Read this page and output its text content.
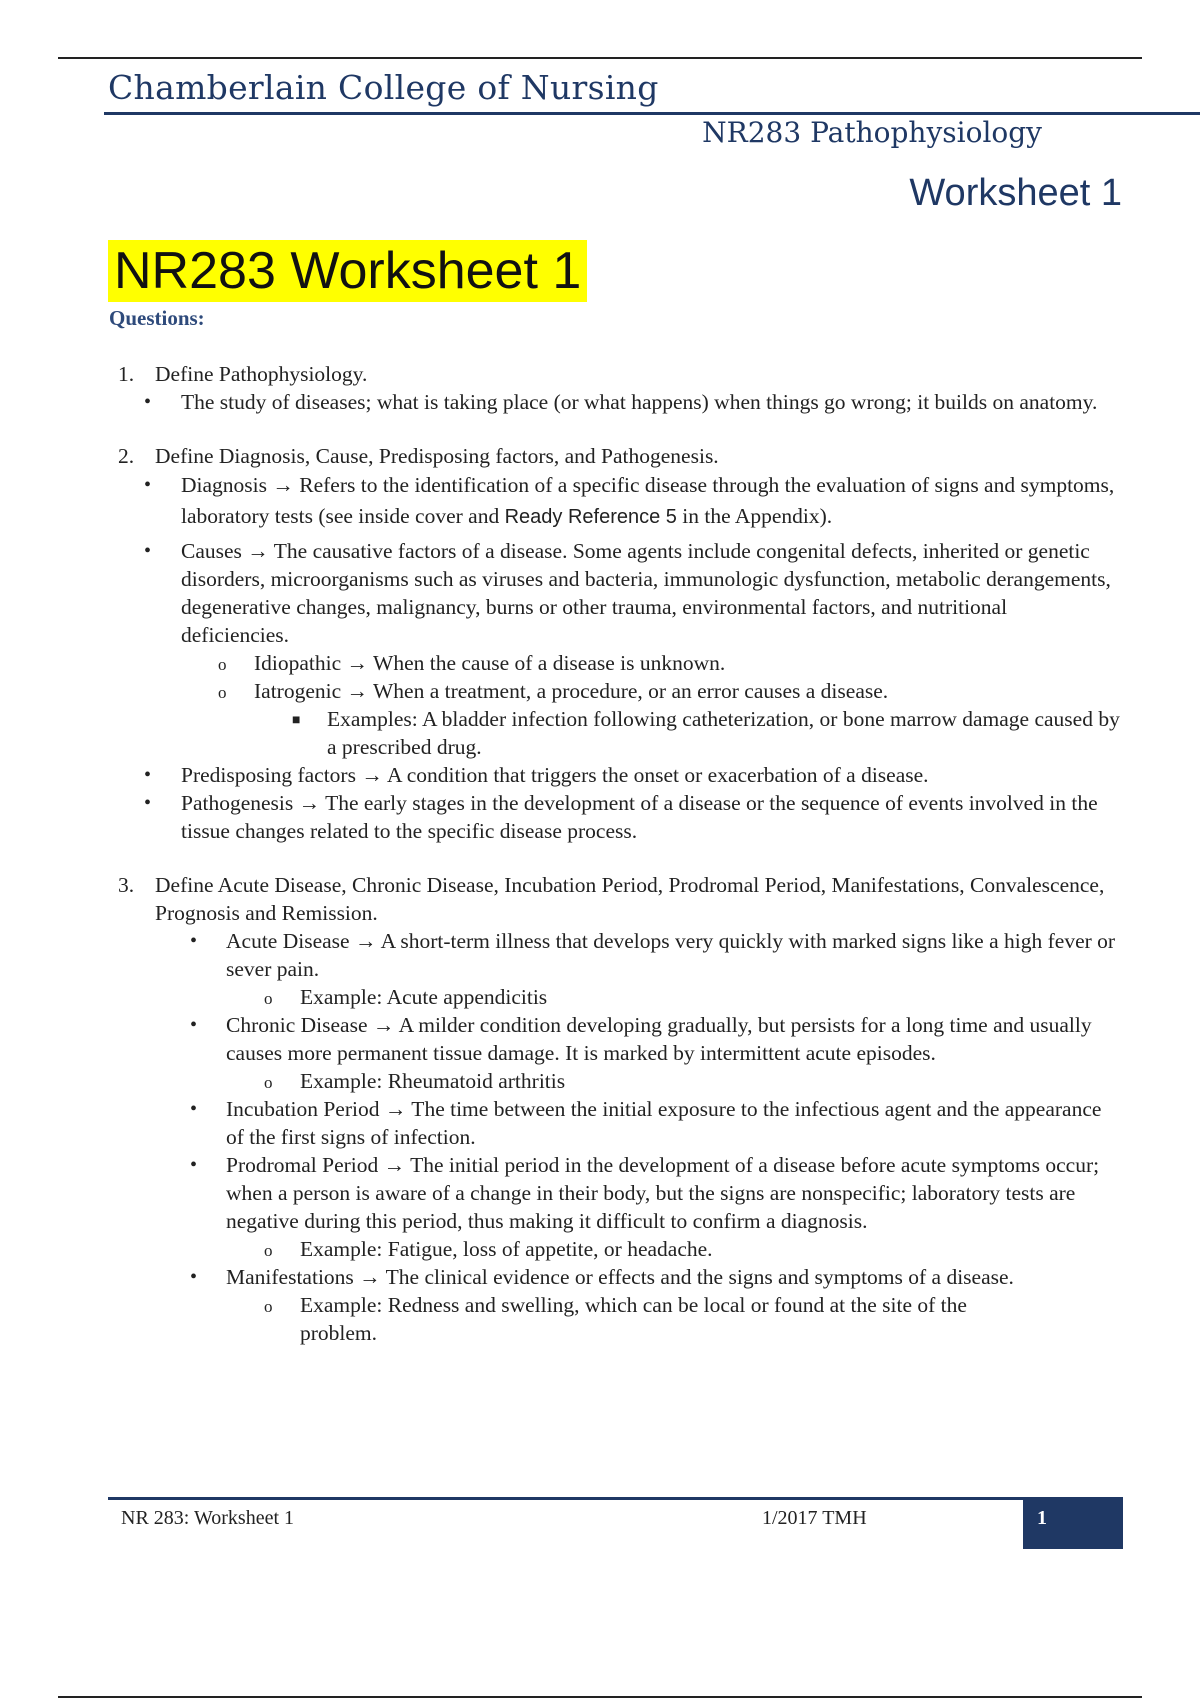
Chamberlain College of Nursing
NR283 Pathophysiology
Worksheet 1
NR283 Worksheet 1
Questions:
1. Define Pathophysiology.
• The study of diseases; what is taking place (or what happens) when things go wrong; it builds on anatomy.
2. Define Diagnosis, Cause, Predisposing factors, and Pathogenesis.
• Diagnosis → Refers to the identification of a specific disease through the evaluation of signs and symptoms, laboratory tests (see inside cover and Ready Reference 5 in the Appendix).
• Causes → The causative factors of a disease. Some agents include congenital defects, inherited or genetic disorders, microorganisms such as viruses and bacteria, immunologic dysfunction, metabolic derangements, degenerative changes, malignancy, burns or other trauma, environmental factors, and nutritional deficiencies.
o Idiopathic → When the cause of a disease is unknown.
o Iatrogenic → When a treatment, a procedure, or an error causes a disease.
■ Examples: A bladder infection following catheterization, or bone marrow damage caused by a prescribed drug.
• Predisposing factors → A condition that triggers the onset or exacerbation of a disease.
• Pathogenesis → The early stages in the development of a disease or the sequence of events involved in the tissue changes related to the specific disease process.
3. Define Acute Disease, Chronic Disease, Incubation Period, Prodromal Period, Manifestations, Convalescence, Prognosis and Remission.
• Acute Disease → A short-term illness that develops very quickly with marked signs like a high fever or sever pain.
o Example: Acute appendicitis
• Chronic Disease → A milder condition developing gradually, but persists for a long time and usually causes more permanent tissue damage. It is marked by intermittent acute episodes.
o Example: Rheumatoid arthritis
• Incubation Period → The time between the initial exposure to the infectious agent and the appearance of the first signs of infection.
• Prodromal Period → The initial period in the development of a disease before acute symptoms occur; when a person is aware of a change in their body, but the signs are nonspecific; laboratory tests are negative during this period, thus making it difficult to confirm a diagnosis.
o Example: Fatigue, loss of appetite, or headache.
• Manifestations → The clinical evidence or effects and the signs and symptoms of a disease.
o Example: Redness and swelling, which can be local or found at the site of the problem.
NR 283: Worksheet 1	1/2017 TMH	1
